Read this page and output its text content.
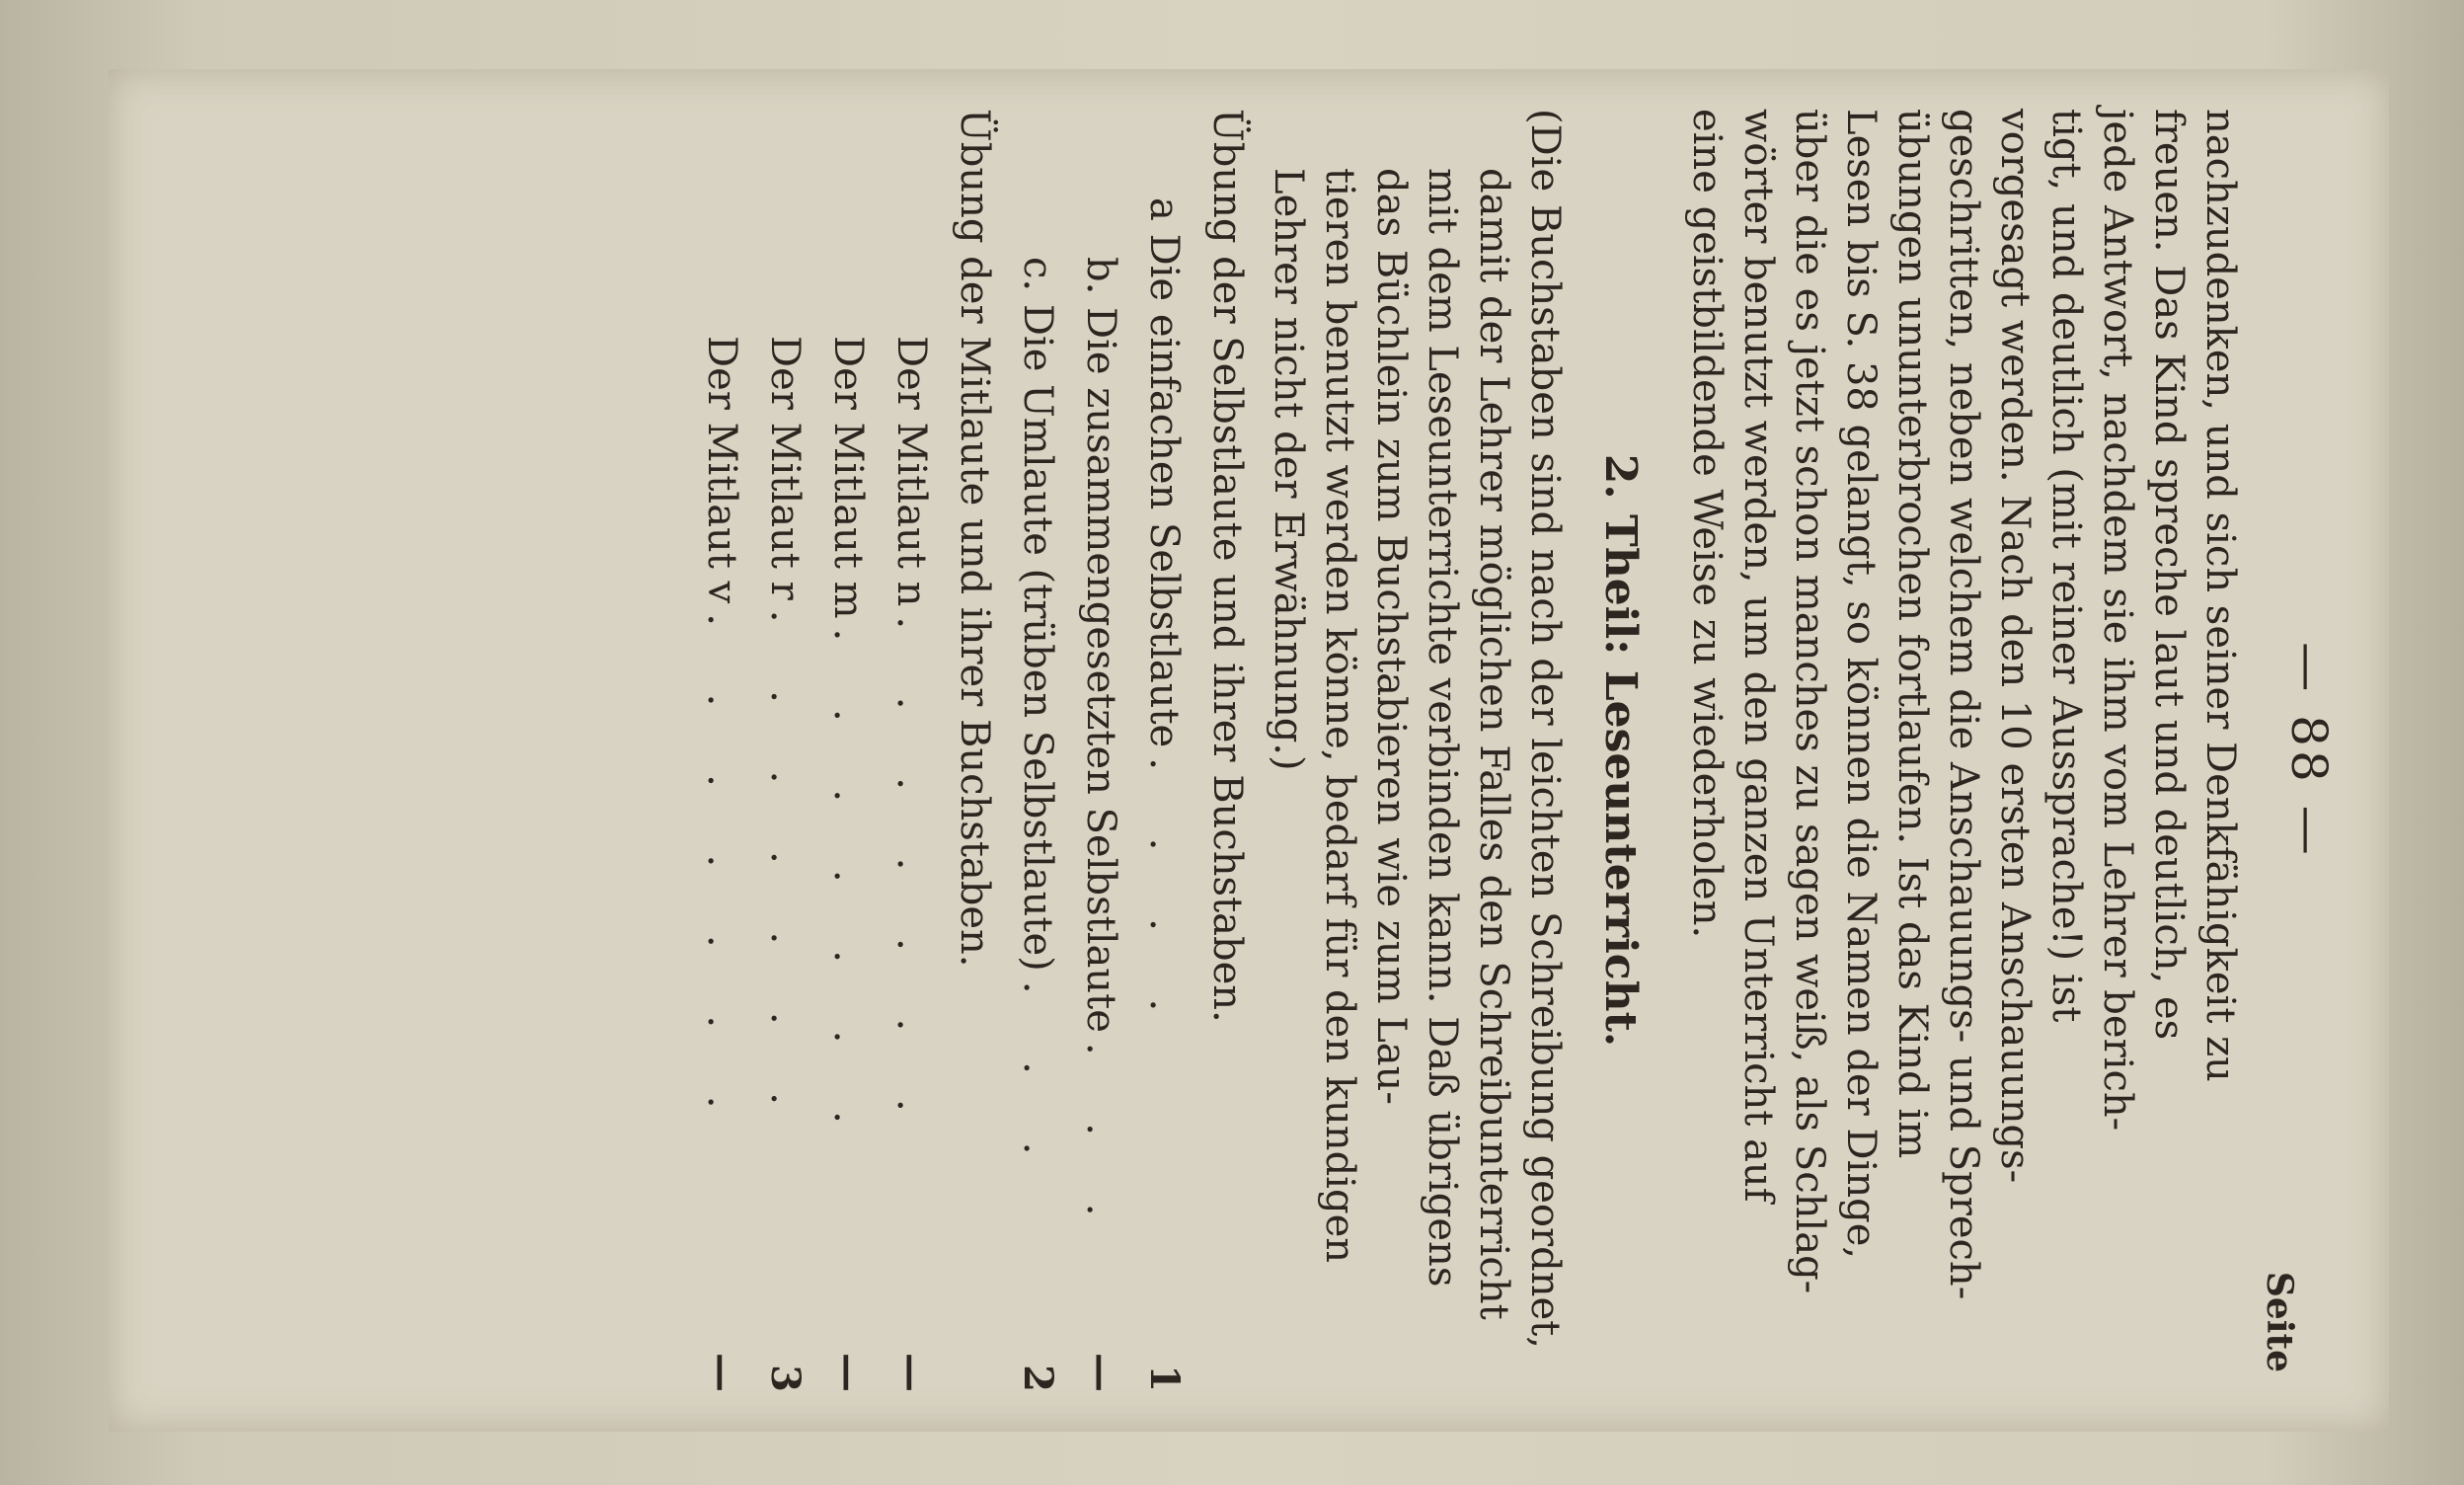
— 88 —
Seite

nachzudenken, und sich seiner Denkfähigkeit zu

freuen. Das Kind spreche laut und deutlich, es

jede Antwort, nachdem sie ihm vom Lehrer berich-

tigt, und deutlich (mit reiner Aussprache!) ist

vorgesagt werden. Nach den 10 ersten Anschauungs-

geschritten, neben welchem die Anschauungs- und Sprech-

übungen ununterbrochen fortlaufen. Ist das Kind im

Lesen bis S. 38 gelangt, so können die Namen der Dinge,

über die es jetzt schon manches zu sagen weiß, als Schlag-

wörter benutzt werden, um den ganzen Unterricht auf

eine geistbildende Weise zu wiederholen.

2. Theil: Leseunterricht.

(Die Buchstaben sind nach der leichten Schreibung geordnet,

damit der Lehrer möglichen Falles den Schreibunterricht

mit dem Leseunterrichte verbinden kann. Daß übrigens

das Büchlein zum Buchstabieren wie zum Lau-

tieren benutzt werden könne, bedarf für den kundigen

Lehrer nicht der Erwähnung.)

Übung der Selbstlaute und ihrer Buchstaben.
a Die einfachen Selbstlaute
. . . .
1
b. Die zusammengesetzten Selbstlaute
. . .
—
c. Die Umlaute (trüben Selbstlaute)
. . .
2
Übung der Mitlaute und ihrer Buchstaben.
Der Mitlaut n
. . . . . . .
—
Der Mitlaut m
. . . . . . .
—
Der Mitlaut r
. . . . . . .
3
Der Mitlaut v
. . . . . . .
—
